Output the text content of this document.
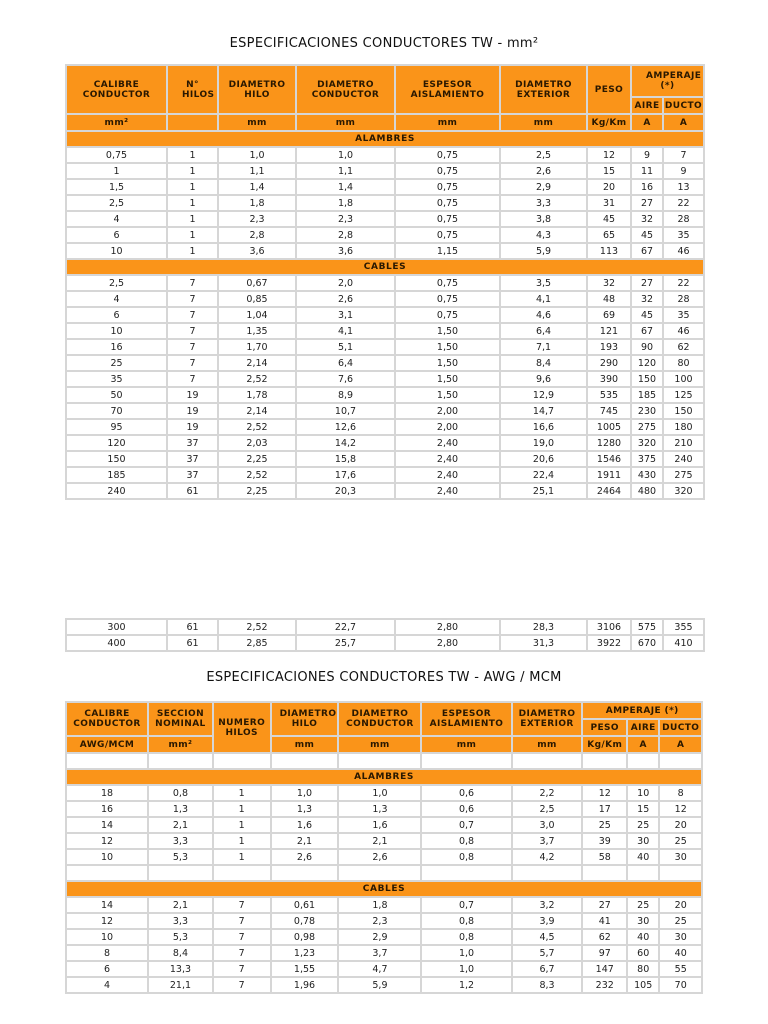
ESPECIFICACIONES CONDUCTORES TW - mm²
CALIBRE CONDUCTOR	N° HILOS	DIAMETRO HILO	DIAMETRO CONDUCTOR	ESPESOR AISLAMIENTO	DIAMETRO EXTERIOR	PESO	AMPERAJE (*)	
							AIRE	DUCTO
mm²		mm	mm	mm	mm	Kg/Km	A	A
ALAMBRES								
0,75	1	1,0	1,0	0,75	2,5	12	9	7
1	1	1,1	1,1	0,75	2,6	15	11	9
1,5	1	1,4	1,4	0,75	2,9	20	16	13
2,5	1	1,8	1,8	0,75	3,3	31	27	22
4	1	2,3	2,3	0,75	3,8	45	32	28
6	1	2,8	2,8	0,75	4,3	65	45	35
10	1	3,6	3,6	1,15	5,9	113	67	46
CABLES								
2,5	7	0,67	2,0	0,75	3,5	32	27	22
4	7	0,85	2,6	0,75	4,1	48	32	28
6	7	1,04	3,1	0,75	4,6	69	45	35
10	7	1,35	4,1	1,50	6,4	121	67	46
16	7	1,70	5,1	1,50	7,1	193	90	62
25	7	2,14	6,4	1,50	8,4	290	120	80
35	7	2,52	7,6	1,50	9,6	390	150	100
50	19	1,78	8,9	1,50	12,9	535	185	125
70	19	2,14	10,7	2,00	14,7	745	230	150
95	19	2,52	12,6	2,00	16,6	1005	275	180
120	37	2,03	14,2	2,40	19,0	1280	320	210
150	37	2,25	15,8	2,40	20,6	1546	375	240
185	37	2,52	17,6	2,40	22,4	1911	430	275
240	61	2,25	20,3	2,40	25,1	2464	480	320
300	61	2,52	22,7	2,80	28,3	3106	575	355
400	61	2,85	25,7	2,80	31,3	3922	670	410
ESPECIFICACIONES CONDUCTORES TW - AWG / MCM
CALIBRE CONDUCTOR	SECCION NOMINAL	NUMERO HILOS	DIAMETRO HILO	DIAMETRO CONDUCTOR	ESPESOR AISLAMIENTO	DIAMETRO EXTERIOR	AMPERAJE (*)		
							PESO	AIRE	DUCTO
AWG/MCM	mm²		mm	mm	mm	mm	Kg/Km	A	A

ALAMBRES									
18	0,8	1	1,0	1,0	0,6	2,2	12	10	8
16	1,3	1	1,3	1,3	0,6	2,5	17	15	12
14	2,1	1	1,6	1,6	0,7	3,0	25	25	20
12	3,3	1	2,1	2,1	0,8	3,7	39	30	25
10	5,3	1	2,6	2,6	0,8	4,2	58	40	30

CABLES									
14	2,1	7	0,61	1,8	0,7	3,2	27	25	20
12	3,3	7	0,78	2,3	0,8	3,9	41	30	25
10	5,3	7	0,98	2,9	0,8	4,5	62	40	30
8	8,4	7	1,23	3,7	1,0	5,7	97	60	40
6	13,3	7	1,55	4,7	1,0	6,7	147	80	55
4	21,1	7	1,96	5,9	1,2	8,3	232	105	70
